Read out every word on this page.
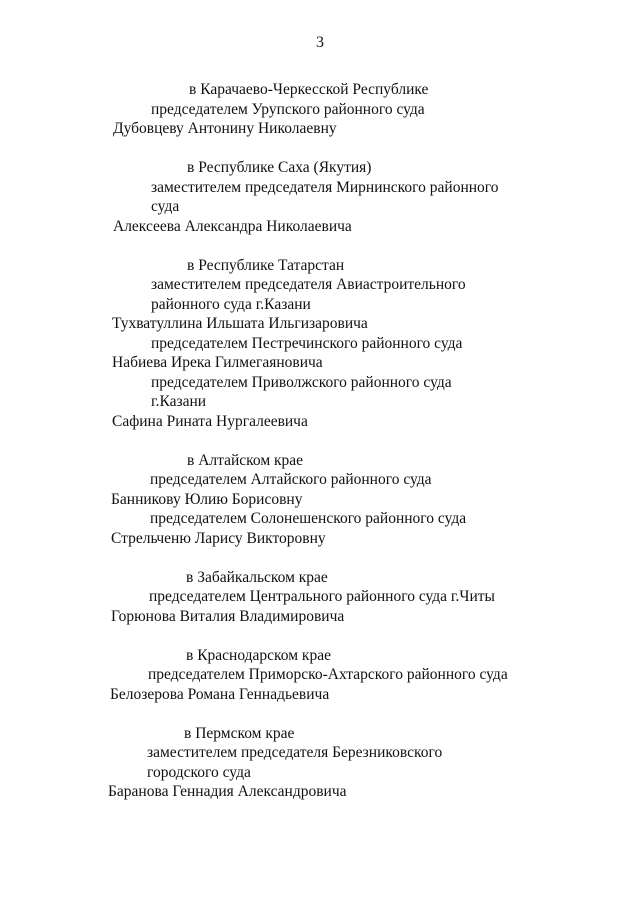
3
в Карачаево-Черкесской Республике
председателем Урупского районного суда
Дубовцеву Антонину Николаевну
в Республике Саха (Якутия)
заместителем председателя Мирнинского районного
суда
Алексеева Александра Николаевича
в Республике Татарстан
заместителем председателя Авиастроительного
районного суда г.Казани
Тухватуллина Ильшата Ильгизаровича
председателем Пестречинского районного суда
Набиева Ирека Гилмегаяновича
председателем Приволжского районного суда
г.Казани
Сафина Рината Нургалеевича
в Алтайском крае
председателем Алтайского районного суда
Банникову Юлию Борисовну
председателем Солонешенского районного суда
Стрельченю Ларису Викторовну
в Забайкальском крае
председателем Центрального районного суда г.Читы
Горюнова Виталия Владимировича
в Краснодарском крае
председателем Приморско-Ахтарского районного суда
Белозерова Романа Геннадьевича
в Пермском крае
заместителем председателя Березниковского
городского суда
Баранова Геннадия Александровича
